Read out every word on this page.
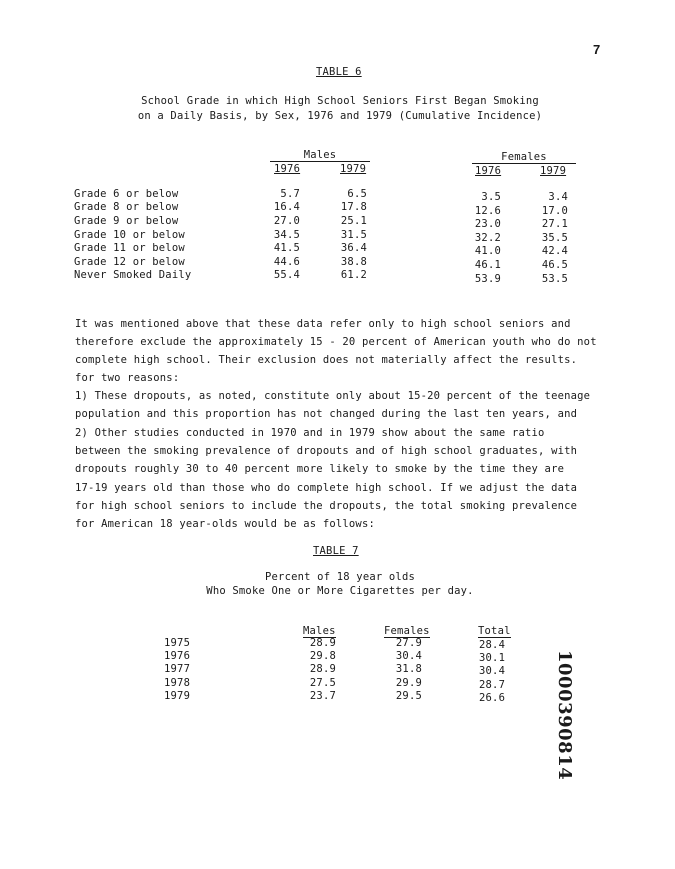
7
TABLE 6
School Grade in which High School Seniors First Began Smoking
on a Daily Basis, by Sex, 1976 and 1979 (Cumulative Incidence)
Males
1976	1979
Females
1976	1979
Grade 6 or below	5.7	6.5	3.5	3.4
Grade 8 or below	16.4	17.8	12.6	17.0
Grade 9 or below	27.0	25.1	23.0	27.1
Grade 10 or below	34.5	31.5	32.2	35.5
Grade 11 or below	41.5	36.4	41.0	42.4
Grade 12 or below	44.6	38.8	46.1	46.5
Never Smoked Daily	55.4	61.2	53.9	53.5
It was mentioned above that these data refer only to high school seniors and
therefore exclude the approximately 15 - 20 percent of American youth who do not
complete high school. Their exclusion does not materially affect the results.
for two reasons:
1) These dropouts, as noted, constitute only about 15-20 percent of the teenage
population and this proportion has not changed during the last ten years, and
2) Other studies conducted in 1970 and in 1979 show about the same ratio
between the smoking prevalence of dropouts and of high school graduates, with
dropouts roughly 30 to 40 percent more likely to smoke by the time they are
17-19 years old than those who do complete high school. If we adjust the data
for high school seniors to include the dropouts, the total smoking prevalence
for American 18 year-olds would be as follows:
TABLE 7
Percent of 18 year olds
Who Smoke One or More Cigarettes per day.
Males	Females	Total
1975	28.9	27.9	28.4
1976	29.8	30.4	30.1
1977	28.9	31.8	30.4
1978	27.5	29.9	28.7
1979	23.7	29.5	26.6	1000390814
